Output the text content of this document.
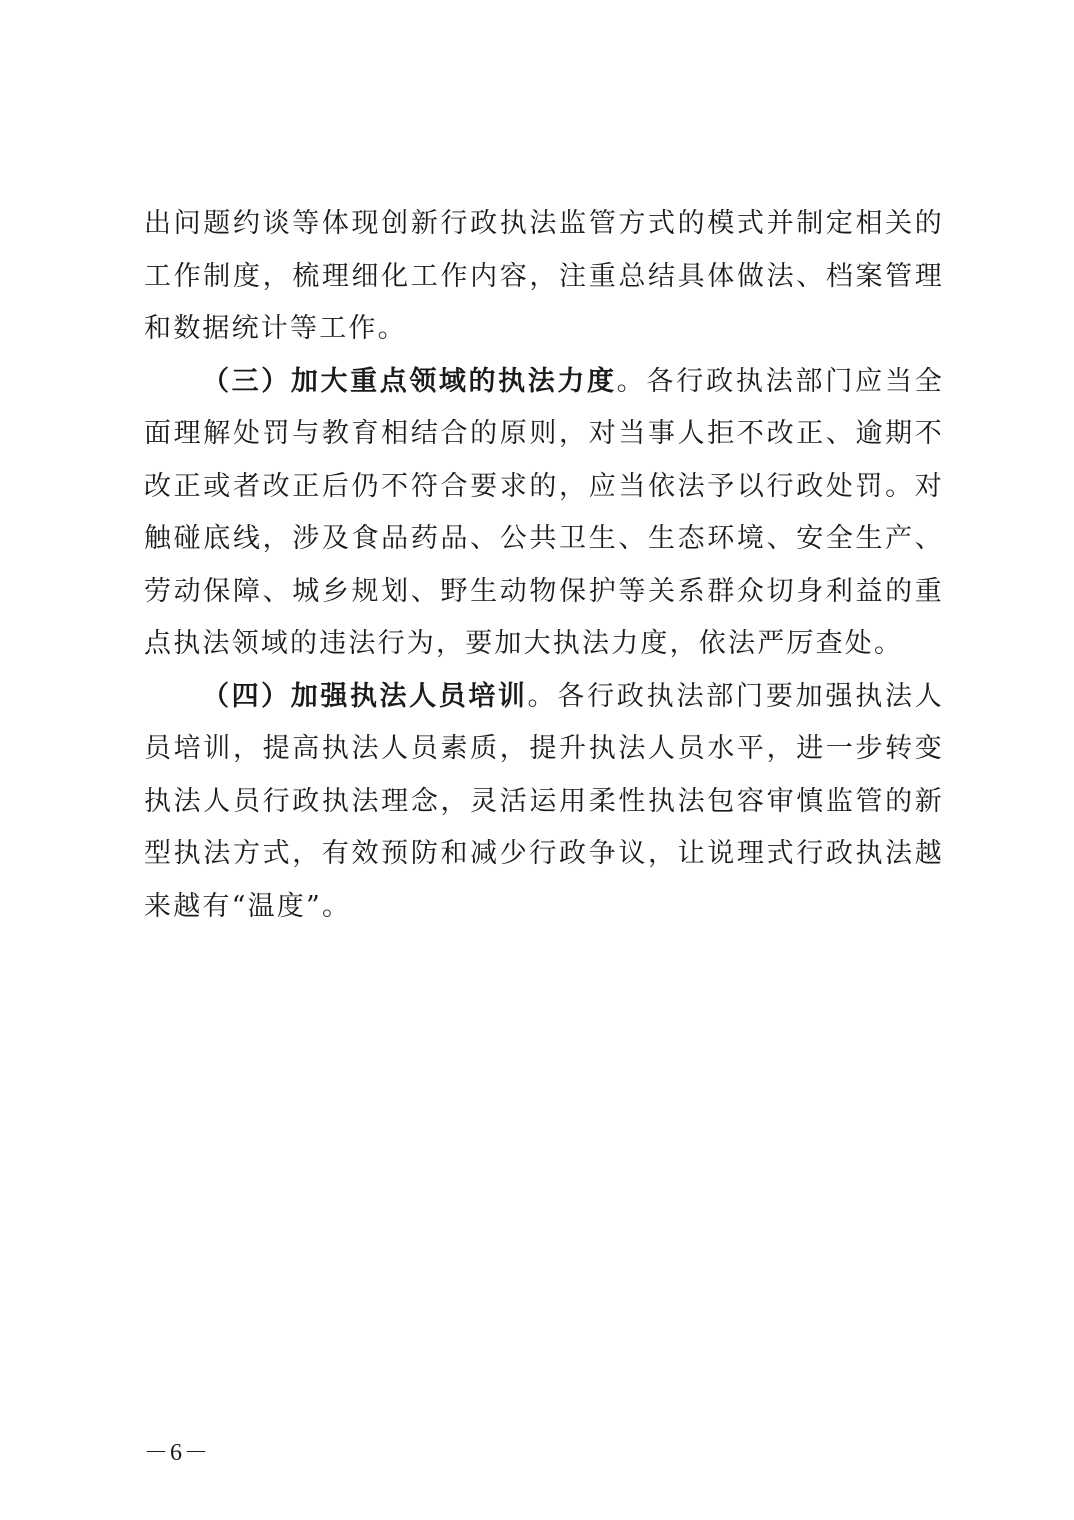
出问题约谈等体现创新行政执法监管方式的模式并制定相关的工作制度，梳理细化工作内容，注重总结具体做法、档案管理和数据统计等工作。

（三）加大重点领域的执法力度。各行政执法部门应当全面理解处罚与教育相结合的原则，对当事人拒不改正、逾期不改正或者改正后仍不符合要求的，应当依法予以行政处罚。对触碰底线，涉及食品药品、公共卫生、生态环境、安全生产、劳动保障、城乡规划、野生动物保护等关系群众切身利益的重点执法领域的违法行为，要加大执法力度，依法严厉查处。

（四）加强执法人员培训。各行政执法部门要加强执法人员培训，提高执法人员素质，提升执法人员水平，进一步转变执法人员行政执法理念，灵活运用柔性执法包容审慎监管的新型执法方式，有效预防和减少行政争议，让说理式行政执法越来越有“温度”。

－6－
